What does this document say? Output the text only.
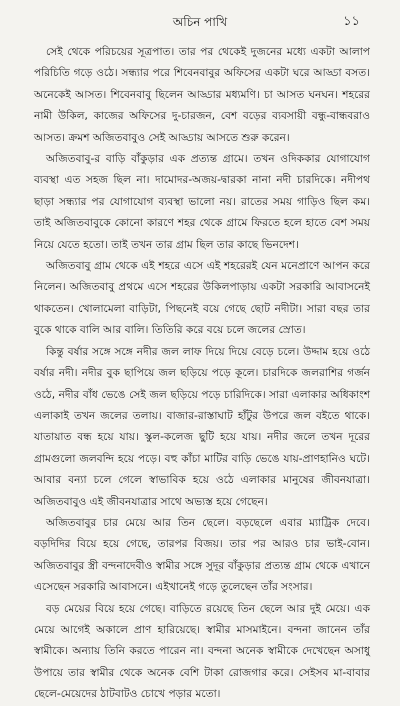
অচিন পাখি	১১

সেই থেকে পরিচয়ের সূত্রপাত। তার পর থেকেই দুজনের মধ্যে একটা আলাপ পরিচিতি গড়ে ওঠে। সন্ধ্যার পরে শিবেনবাবুর অফিসের একটা ঘরে আড্ডা বসত। অনেকেই আসত। শিবেনবাবু ছিলেন আড্ডার মধ্যমণি। চা আসত ঘনঘন। শহরের নামী উকিল, কাজের অফিসের দু-চারজন, বেশ বড়ের ব্যবসায়ী বন্ধু-বান্ধবরাও আসত। ক্রমশ অজিতবাবুও সেই আড্ডায় আসতে শুরু করেন।

অজিতবাবু-র বাড়ি বাঁকুড়ার এক প্রত্যন্ত গ্রামে। তখন ওদিককার যোগাযোগ ব্যবস্থা এত সহজ ছিল না। দামোদর-অজয়-দ্বারকা নানা নদী চারদিকে। নদীপথ ছাড়া সন্ধ্যার পর যোগাযোগ ব্যবস্থা ভালো নয়। রাতের সময় গাড়িও ছিল কম। তাই অজিতবাবুকে কোনো কারণে শহর থেকে গ্রামে ফিরতে হলে হাতে বেশ সময় নিয়ে যেতে হতো। তাই তখন তার গ্রাম ছিল তার কাছে ভিনদেশ।

অজিতবাবু গ্রাম থেকে এই শহরে এসে এই শহরেরই যেন মনেপ্রাণে আপন করে নিলেন। অজিতবাবু প্রথমে এসে শহরের উকিলপাড়ায় একটা সরকারি আবাসনেই থাকতেন। খোলামেলা বাড়িটা, পিছনেই বয়ে গেছে ছোট নদীটা। সারা বছর তার বুকে থাকে বালি আর বালি। তিতিরি করে বয়ে চলে জলের স্রোত।

কিন্তু বর্ষার সঙ্গে সঙ্গে নদীর জল লাফ দিয়ে দিয়ে বেড়ে চলে। উদ্দাম হয়ে ওঠে বর্ষার নদী। নদীর বুক ছাপিয়ে জল ছড়িয়ে পড়ে কূলে। চারদিকে জলরাশির গর্জন ওঠে, নদীর বাঁধ ভেঙে সেই জল ছড়িয়ে পড়ে চারিদিকে। সারা এলাকার অধিকাংশ এলাকাই তখন জলের তলায়। বাজার-রাস্তাঘাট হাঁটুর উপরে জল বইতে থাকে। যাতায়াত বন্ধ হয়ে যায়। স্কুল-কলেজ ছুটি হয়ে যায়। নদীর জলে তখন দূরের গ্রামগুলো জলবন্দি হয়ে পড়ে। বহু কাঁচা মাটির বাড়ি ভেঙে যায়-প্রাণহানিও ঘটে। আবার বন্যা চলে গেলে স্বাভাবিক হয়ে ওঠে এলাকার মানুষের জীবনযাত্রা। অজিতবাবুও এই জীবনযাত্রার সাথে অভ্যস্ত হয়ে গেছেন।

অজিতবাবুর চার মেয়ে আর তিন ছেলে। বড়ছেলে এবার ম্যাট্রিক দেবে। বড়দিদির বিয়ে হয়ে গেছে, তারপর বিজয়। তার পর আরও চার ভাই-বোন। অজিতবাবুর স্ত্রী বন্দনাদেবীও স্বামীর সঙ্গে সুদূর বাঁকুড়ার প্রত্যন্ত গ্রাম থেকে এখানে এসেছেন সরকারি আবাসনে। এইখানেই গড়ে তুলেছেন তাঁর সংসার।

বড় মেয়ের বিয়ে হয়ে গেছে। বাড়িতে রয়েছে তিন ছেলে আর দুই মেয়ে। এক মেয়ে আগেই অকালে প্রাণ হারিয়েছে। স্বামীর মাসমাইনে। বন্দনা জানেন তাঁর স্বামীকে। অন্যায় তিনি করতে পারেন না। বন্দনা অনেক স্বামীকে দেখেছেন অসাধু উপায়ে তার স্বামীর থেকে অনেক বেশি টাকা রোজগার করে। সেইসব মা-বাবার ছেলে-মেয়েদের ঠাটবাটও চোখে পড়ার মতো।
